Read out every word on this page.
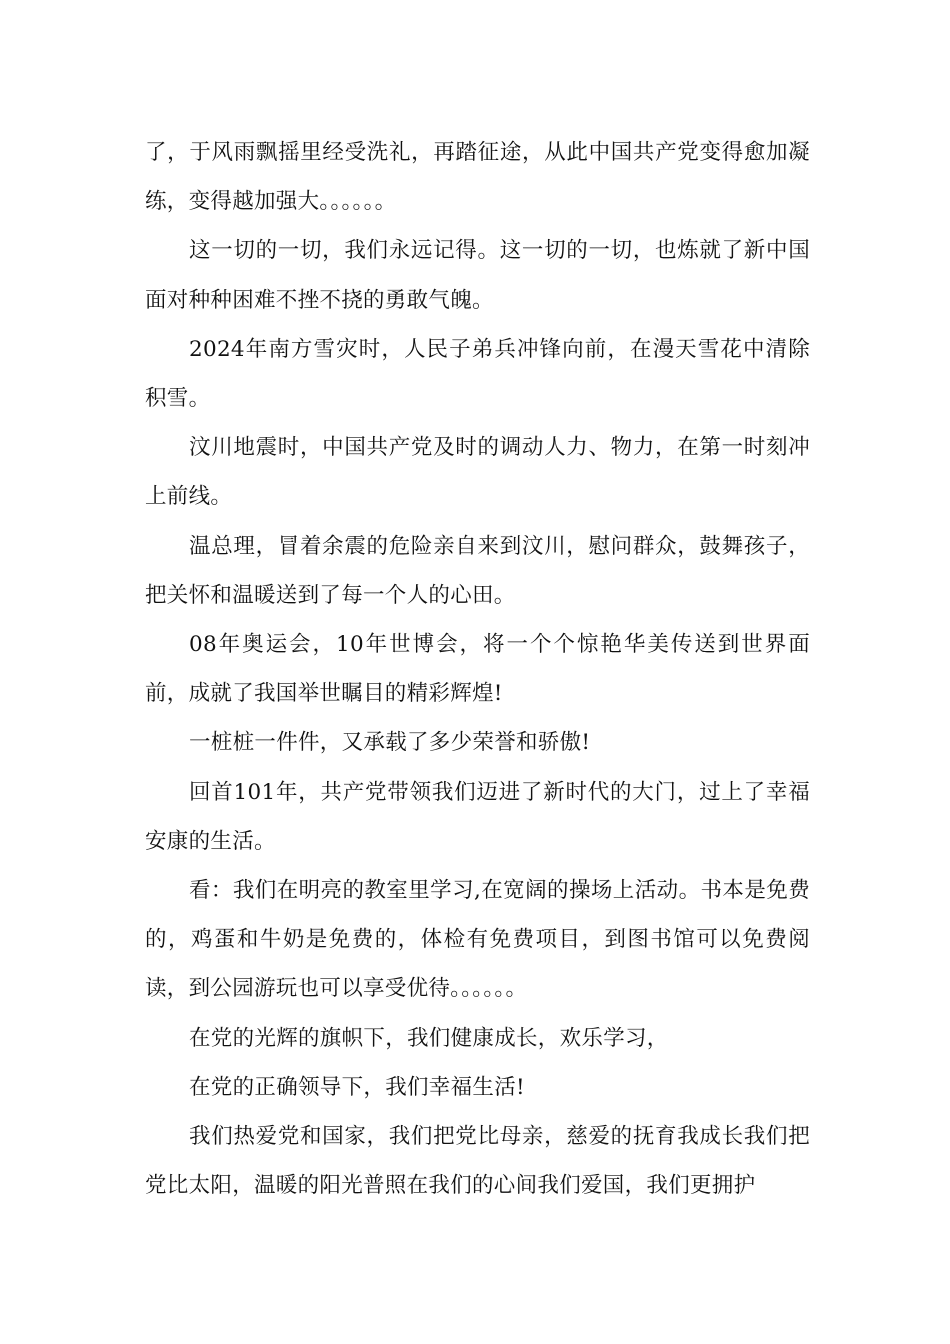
了，于风雨飘摇里经受洗礼，再踏征途，从此中国共产党变得愈加凝练，变得越加强大。。。。。。

这一切的一切，我们永远记得。这一切的一切，也炼就了新中国面对种种困难不挫不挠的勇敢气魄。

2024年南方雪灾时，人民子弟兵冲锋向前，在漫天雪花中清除积雪。

汶川地震时，中国共产党及时的调动人力、物力，在第一时刻冲上前线。

温总理，冒着余震的危险亲自来到汶川，慰问群众，鼓舞孩子，把关怀和温暖送到了每一个人的心田。

08年奥运会，10年世博会，将一个个惊艳华美传送到世界面前，成就了我国举世瞩目的精彩辉煌!

一桩桩一件件，又承载了多少荣誉和骄傲!

回首101年，共产党带领我们迈进了新时代的大门，过上了幸福安康的生活。

看：我们在明亮的教室里学习,在宽阔的操场上活动。书本是免费的，鸡蛋和牛奶是免费的，体检有免费项目，到图书馆可以免费阅读，到公园游玩也可以享受优待。。。。。。

在党的光辉的旗帜下，我们健康成长，欢乐学习，

在党的正确领导下，我们幸福生活!

我们热爱党和国家，我们把党比母亲，慈爱的抚育我成长我们把党比太阳，温暖的阳光普照在我们的心间我们爱国，我们更拥护
